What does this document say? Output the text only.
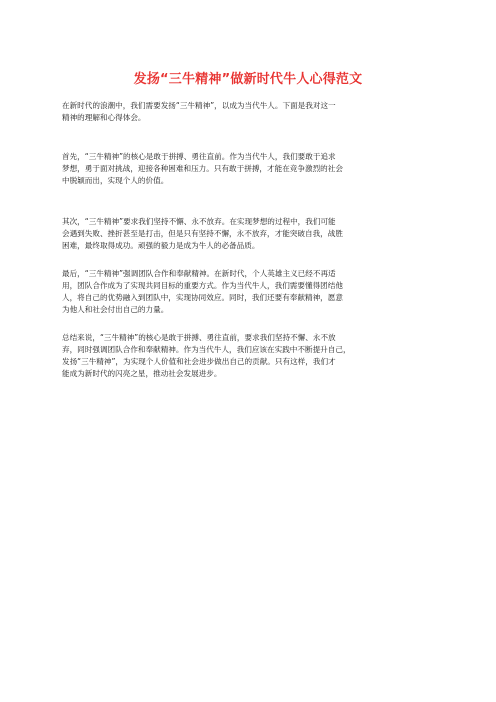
发扬“三牛精神”做新时代牛人心得范文
在新时代的浪潮中，我们需要发扬“三牛精神”，以成为当代牛人。下面是我对这一
精神的理解和心得体会。
首先，“三牛精神”的核心是敢于拼搏、勇往直前。作为当代牛人，我们要敢于追求
梦想，勇于面对挑战，迎接各种困难和压力。只有敢于拼搏，才能在竞争激烈的社会
中脱颖而出，实现个人的价值。
其次，“三牛精神”要求我们坚持不懈、永不放弃。在实现梦想的过程中，我们可能
会遇到失败、挫折甚至是打击，但是只有坚持不懈，永不放弃，才能突破自我，战胜
困难，最终取得成功。顽强的毅力是成为牛人的必备品质。
最后，“三牛精神”强调团队合作和奉献精神。在新时代，个人英雄主义已经不再适
用，团队合作成为了实现共同目标的重要方式。作为当代牛人，我们需要懂得团结他
人，将自己的优势融入到团队中，实现协同效应。同时，我们还要有奉献精神，愿意
为他人和社会付出自己的力量。
总结来说，“三牛精神”的核心是敢于拼搏、勇往直前，要求我们坚持不懈、永不放
弃，同时强调团队合作和奉献精神。作为当代牛人，我们应该在实践中不断提升自己，
发扬“三牛精神”，为实现个人价值和社会进步做出自己的贡献。只有这样，我们才
能成为新时代的闪亮之星，推动社会发展进步。
